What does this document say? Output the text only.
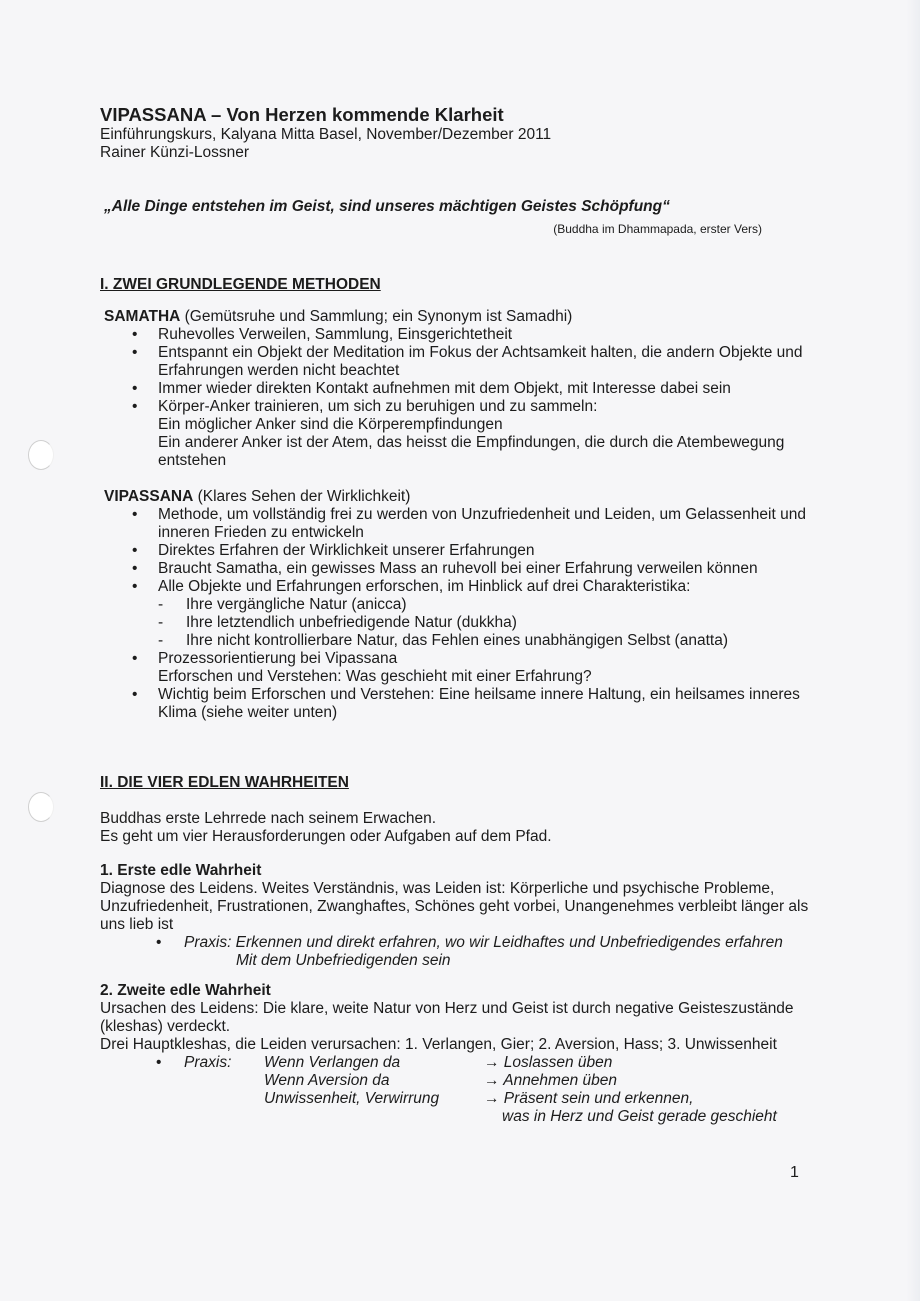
VIPASSANA – Von Herzen kommende Klarheit

Einführungskurs, Kalyana Mitta Basel, November/Dezember 2011

Rainer Künzi-Lossner

„Alle Dinge entstehen im Geist, sind unseres mächtigen Geistes Schöpfung“

(Buddha im Dhammapada, erster Vers)

I. ZWEI GRUNDLEGENDE METHODEN

SAMATHA (Gemütsruhe und Sammlung; ein Synonym ist Samadhi)

• Ruhevolles Verweilen, Sammlung, Einsgerichtetheit
• Entspannt ein Objekt der Meditation im Fokus der Achtsamkeit halten, die andern Objekte und Erfahrungen werden nicht beachtet
• Immer wieder direkten Kontakt aufnehmen mit dem Objekt, mit Interesse dabei sein
• Körper-Anker trainieren, um sich zu beruhigen und zu sammeln:
Ein möglicher Anker sind die Körperempfindungen
Ein anderer Anker ist der Atem, das heisst die Empfindungen, die durch die Atembewegung entstehen

VIPASSANA (Klares Sehen der Wirklichkeit)

• Methode, um vollständig frei zu werden von Unzufriedenheit und Leiden, um Gelassenheit und inneren Frieden zu entwickeln
• Direktes Erfahren der Wirklichkeit unserer Erfahrungen
• Braucht Samatha, ein gewisses Mass an ruhevoll bei einer Erfahrung verweilen können
• Alle Objekte und Erfahrungen erforschen, im Hinblick auf drei Charakteristika:
- Ihre vergängliche Natur (anicca)
- Ihre letztendlich unbefriedigende Natur (dukkha)
- Ihre nicht kontrollierbare Natur, das Fehlen eines unabhängigen Selbst (anatta)
• Prozessorientierung bei Vipassana
Erforschen und Verstehen: Was geschieht mit einer Erfahrung?
• Wichtig beim Erforschen und Verstehen: Eine heilsame innere Haltung, ein heilsames inneres Klima (siehe weiter unten)

II. DIE VIER EDLEN WAHRHEITEN

Buddhas erste Lehrrede nach seinem Erwachen.

Es geht um vier Herausforderungen oder Aufgaben auf dem Pfad.

1. Erste edle Wahrheit

Diagnose des Leidens. Weites Verständnis, was Leiden ist: Körperliche und psychische Probleme, Unzufriedenheit, Frustrationen, Zwanghaftes, Schönes geht vorbei, Unangenehmes verbleibt länger als uns lieb ist

• Praxis: Erkennen und direkt erfahren, wo wir Leidhaftes und Unbefriedigendes erfahren
Mit dem Unbefriedigenden sein

2. Zweite edle Wahrheit

Ursachen des Leidens: Die klare, weite Natur von Herz und Geist ist durch negative Geisteszustände (kleshas) verdeckt.

Drei Hauptkleshas, die Leiden verursachen: 1. Verlangen, Gier; 2. Aversion, Hass; 3. Unwissenheit

• Praxis:	Wenn Verlangen da	→ Loslassen üben
Wenn Aversion da	→ Annehmen üben
Unwissenheit, Verwirrung	→ Präsent sein und erkennen,
was in Herz und Geist gerade geschieht
1
